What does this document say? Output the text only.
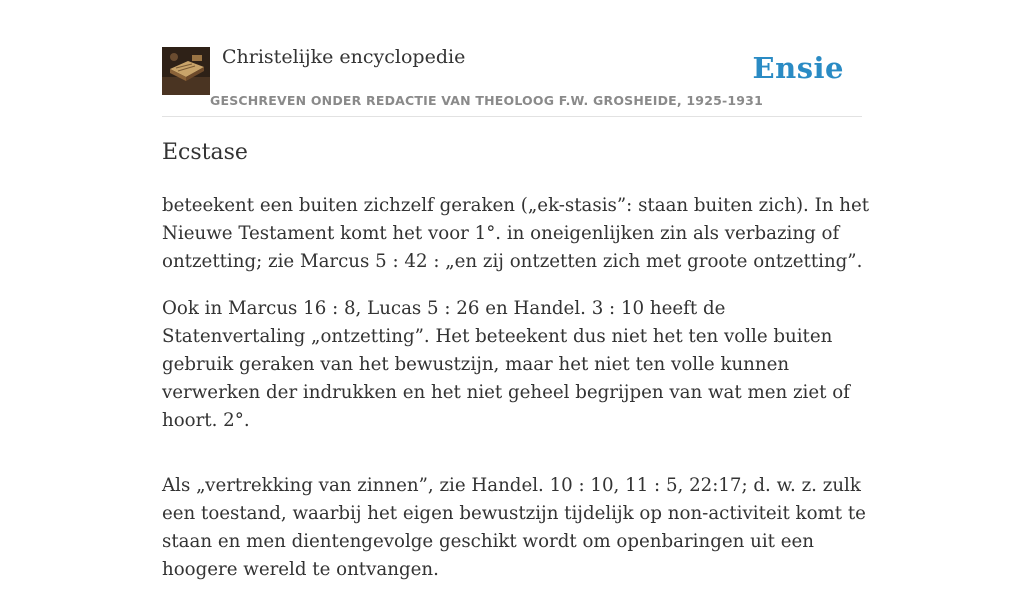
Christelijke encyclopedie
GESCHREVEN ONDER REDACTIE VAN THEOLOOG F.W. GROSHEIDE, 1925-1931
Ensie
Ecstase

beteekent een buiten zichzelf geraken („ek-stasis”: staan buiten zich). In het Nieuwe Testament komt het voor 1°. in oneigenlijken zin als verbazing of ontzetting; zie Marcus 5 : 42 : „en zij ontzetten zich met groote ontzetting”.

Ook in Marcus 16 : 8, Lucas 5 : 26 en Handel. 3 : 10 heeft de Statenvertaling „ontzetting”. Het beteekent dus niet het ten volle buiten gebruik geraken van het bewustzijn, maar het niet ten volle kunnen verwerken der indrukken en het niet geheel begrijpen van wat men ziet of hoort. 2°.

Als „vertrekking van zinnen”, zie Handel. 10 : 10, 11 : 5, 22:17; d. w. z. zulk een toestand, waarbij het eigen bewustzijn tijdelijk op non-activiteit komt te staan en men dientengevolge geschikt wordt om openbaringen uit een hoogere wereld te ontvangen.
